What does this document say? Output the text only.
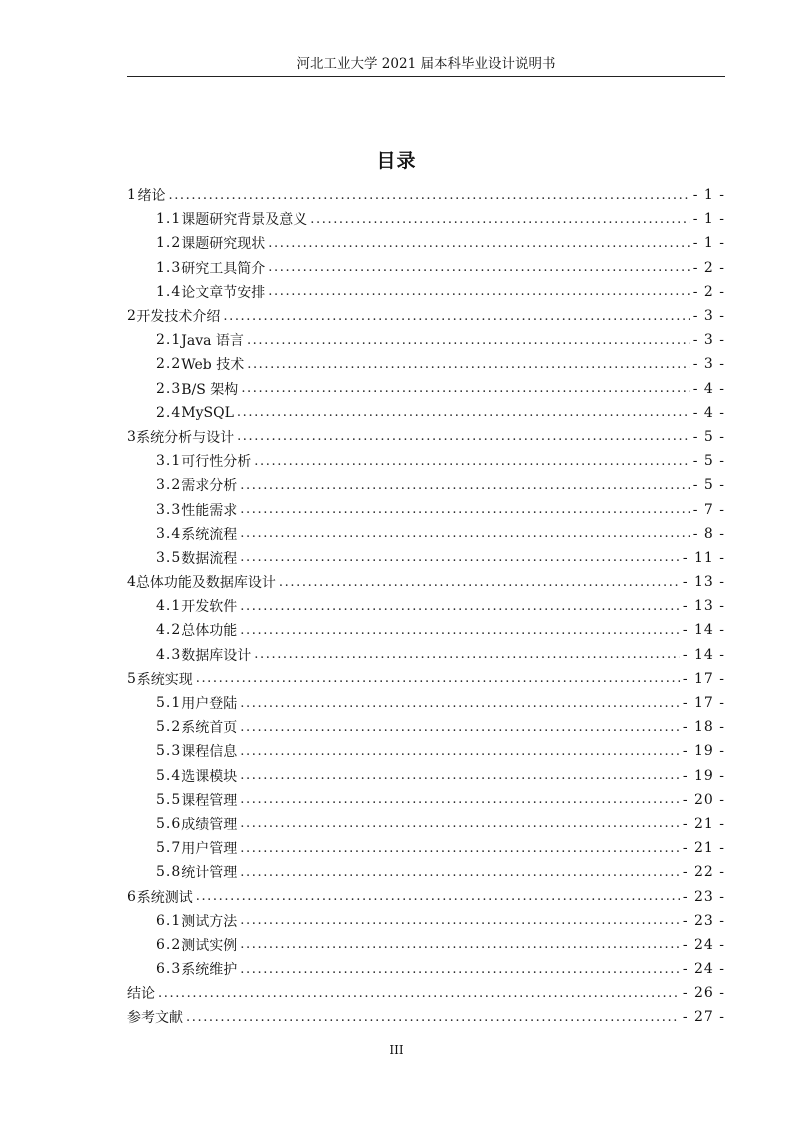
河北工业大学 2021 届本科毕业设计说明书
目录
1 绪论 .....	- 1 -
1.1 课题研究背景及意义 .....	- 1 -
1.2 课题研究现状 .....	- 1 -
1.3 研究工具简介 .....	- 2 -
1.4 论文章节安排 .....	- 2 -
2 开发技术介绍 .....	- 3 -
2.1 Java 语言 .....	- 3 -
2.2 Web 技术 .....	- 3 -
2.3 B/S 架构 .....	- 4 -
2.4 MySQL .....	- 4 -
3 系统分析与设计 .....	- 5 -
3.1 可行性分析 .....	- 5 -
3.2 需求分析 .....	- 5 -
3.3 性能需求 .....	- 7 -
3.4 系统流程 .....	- 8 -
3.5 数据流程 .....	- 11 -
4 总体功能及数据库设计 .....	- 13 -
4.1 开发软件 .....	- 13 -
4.2 总体功能 .....	- 14 -
4.3 数据库设计 .....	- 14 -
5 系统实现 .....	- 17 -
5.1 用户登陆 .....	- 17 -
5.2 系统首页 .....	- 18 -
5.3 课程信息 .....	- 19 -
5.4 选课模块 .....	- 19 -
5.5 课程管理 .....	- 20 -
5.6 成绩管理 .....	- 21 -
5.7 用户管理 .....	- 21 -
5.8 统计管理 .....	- 22 -
6 系统测试 .....	- 23 -
6.1 测试方法 .....	- 23 -
6.2 测试实例 .....	- 24 -
6.3 系统维护 .....	- 24 -
结论 .....	- 26 -
参考文献 .....	- 27 -
III
